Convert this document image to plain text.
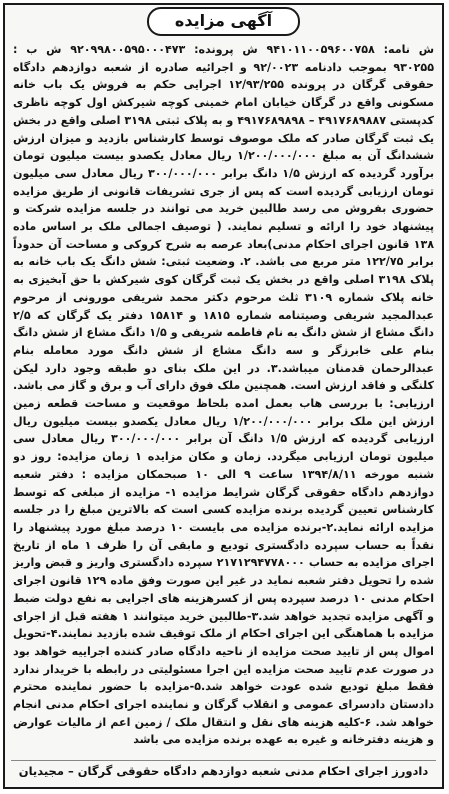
آگهی مزایده

ش نامه: ۹۴۱۰۱۱۰۰۵۹۶۰۰۷۵۸ ش پرونده: ۹۲۰۹۹۸۰۰۵۹۵۰۰۰۴۷۳ ش ب : ۹۳۰۲۵۵ بموجب دادنامه ۹۲/۰۰۲۳ و اجرائیه صادره از شعبه دوازدهم دادگاه حقوقی گرگان در پرونده ۱۲/۹۳/۲۵۵ اجرایی حکم به فروش یک باب خانه مسکونی واقع در گرگان خیابان امام خمینی کوچه شیرکش اول کوچه ناظری کدپستی ۴۹۱۷۶۸۹۸۸۷ – ۴۹۱۷۶۸۹۸۹۸ و به پلاک ثبتی ۳۱۹۸ اصلی واقع در بخش یک ثبت گرگان صادر که ملک موصوف توسط کارشناس بازدید و میزان ارزش ششدانگ آن به مبلغ ۱/۲۰۰/۰۰۰/۰۰۰ ریال معادل یکصدو بیست میلیون تومان برآورد گردیده که ارزش ۱/۵ دانگ برابر ۳۰۰/۰۰۰/۰۰۰ ریال معادل سی میلیون تومان ارزیابی گردیده است که پس از جری تشریفات قانونی از طریق مزایده حضوری بفروش می رسد طالبین خرید می توانند در جلسه مزایده شرکت و پیشنهاد خود را ارائه و تسلیم نمایند. ( توصیف اجمالی ملک بر اساس ماده ۱۳۸ قانون اجرای احکام مدنی)بعاد عرصه به شرح کروکی و مساحت آن حدوداً برابر ۱۲۲/۷۵ متر مربع می باشد. ۲. وضعیت ثبتی: شش دانگ یک باب خانه به پلاک ۳۱۹۸ اصلی واقع در بخش یک ثبت گرگان کوی شیرکش با حق آبخیزی به خانه پلاک شماره ۳۱۰۹ ثلث مرحوم دکتر محمد شریفی مورونی از مرحوم عبدالمجید شریفی وصیتنامه شماره ۱۸۱۵ و ۱۵۸۱۴ دفتر یک گرگان که ۲/۵ دانگ مشاع از شش دانگ به نام فاطمه شریفی و ۱/۵ دانگ مشاع از شش دانگ بنام علی خابرزگر و سه دانگ مشاع از شش دانگ مورد معامله بنام عبدالرحمان قدمنان میباشد.۳. در این ملک بنای دو طبقه وجود دارد لیکن کلنگی و فاقد ارزش است. همچنین ملک فوق دارای آب و برق و گاز می باشد. ارزیابی: با بررسی هاب بعمل امده بلحاظ موقعیت و مساحت قطعه زمین ارزش این ملک برابر ۱/۲۰۰/۰۰۰/۰۰۰ ریال معادل یکصدو بیست میلیون ریال ارزیابی گردیده که ارزش ۱/۵ دانگ آن برابر ۳۰۰/۰۰۰/۰۰۰ ریال معادل سی میلیون تومان ارزیابی میگردد. زمان و مکان مزایده ۱ زمان مزایده: روز دو شنبه مورخه ۱۳۹۴/۸/۱۱ ساعت ۹ الی ۱۰ صبحمکان مزایده : دفتر شعبه دوازدهم دادگاه حقوقی گرگان شرایط مزایده ۱- مزایده از مبلغی که توسط کارشناس تعیین گردیده برنده مزایده کسی است که بالاترین مبلغ را در جلسه مزایده ارائه نماید.۲-برنده مزایده می بایست ۱۰ درصد مبلغ مورد پیشنهاد را نقداً به حساب سپرده دادگستری تودیع و مابقی آن را ظرف ۱ ماه از تاریخ اجرای مزایده به حساب ۲۱۷۱۲۹۴۷۷۸۰۰۰ سپرده دادگستری واریز و قبض واریز شده را تحویل دفتر شعبه نماید در غیر این صورت وفق ماده ۱۲۹ قانون اجرای احکام مدنی ۱۰ درصد سپرده پس از کسرهزینه های اجرایی به نفع دولت ضبط و آگهی مزایده تجدید خواهد شد.۳-طالبین خرید میتوانند ۱ هفته قبل از اجرای مزایده با هماهنگی این اجرای احکام از ملک توقیف شده بازدید نمایند.۴-تحویل اموال پس از تایید صحت مزایده از ناحیه دادگاه صادر کننده اجراییه خواهد بود در صورت عدم تایید صحت مزایده این اجرا مسئولیتی در رابطه با خریدار ندارد فقط مبلغ تودیع شده عودت خواهد شد.۵-مزایده با حضور نماینده محترم دادستان دادسرای عمومی و انقلاب گرگان و نماینده اجرای احکام مدنی انجام خواهد شد. ۶-کلیه هزینه های نقل و انتقال ملک / زمین اعم از مالیات عوارض و هزینه دفترخانه و غیره به عهده برنده مزایده می باشد

دادورز اجرای احکام مدنی شعبه دوازدهم دادگاه حقوقی گرگان – مجیدیان
